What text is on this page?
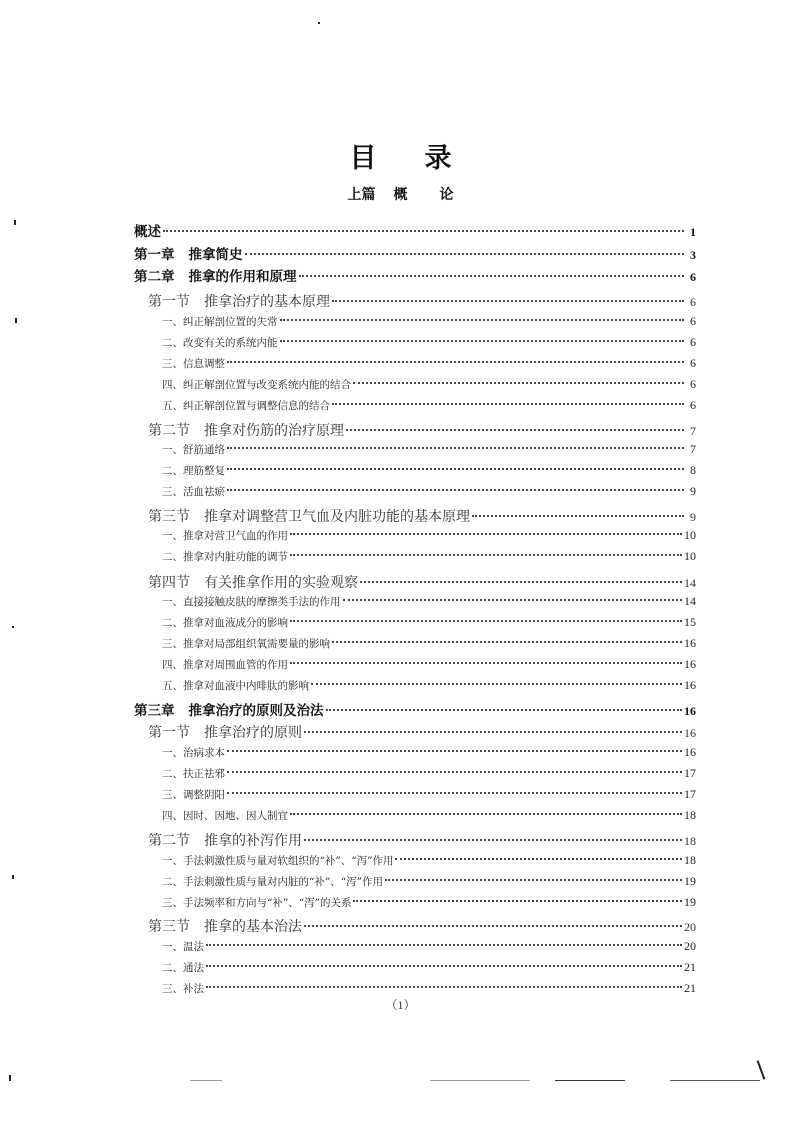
目 录
上篇 概 论
概述	1
第一章 推拿简史	3
第二章 推拿的作用和原理	6
第一节 推拿治疗的基本原理	6
一、纠正解剖位置的失常	6
二、改变有关的系统内能	6
三、信息调整	6
四、纠正解剖位置与改变系统内能的结合	6
五、纠正解剖位置与调整信息的结合	6
第二节 推拿对伤筋的治疗原理	7
一、舒筋通络	7
二、理筋整复	8
三、活血祛瘀	9
第三节 推拿对调整营卫气血及内脏功能的基本原理	9
一、推拿对营卫气血的作用	10
二、推拿对内脏功能的调节	10
第四节 有关推拿作用的实验观察	14
一、直接接触皮肤的摩擦类手法的作用	14
二、推拿对血液成分的影响	15
三、推拿对局部组织氧需要量的影响	16
四、推拿对周围血管的作用	16
五、推拿对血液中内啡肽的影响	16
第三章 推拿治疗的原则及治法	16
第一节 推拿治疗的原则	16
一、治病求本	16
二、扶正祛邪	17
三、调整阴阳	17
四、因时、因地、因人制宜	18
第二节 推拿的补泻作用	18
一、手法刺激性质与量对软组织的“补”、“泻”作用	18
二、手法刺激性质与量对内脏的“补”、“泻”作用	19
三、手法频率和方向与“补”、“泻”的关系	19
第三节 推拿的基本治法	20
一、温法	20
二、通法	21
三、补法	21
（1）
